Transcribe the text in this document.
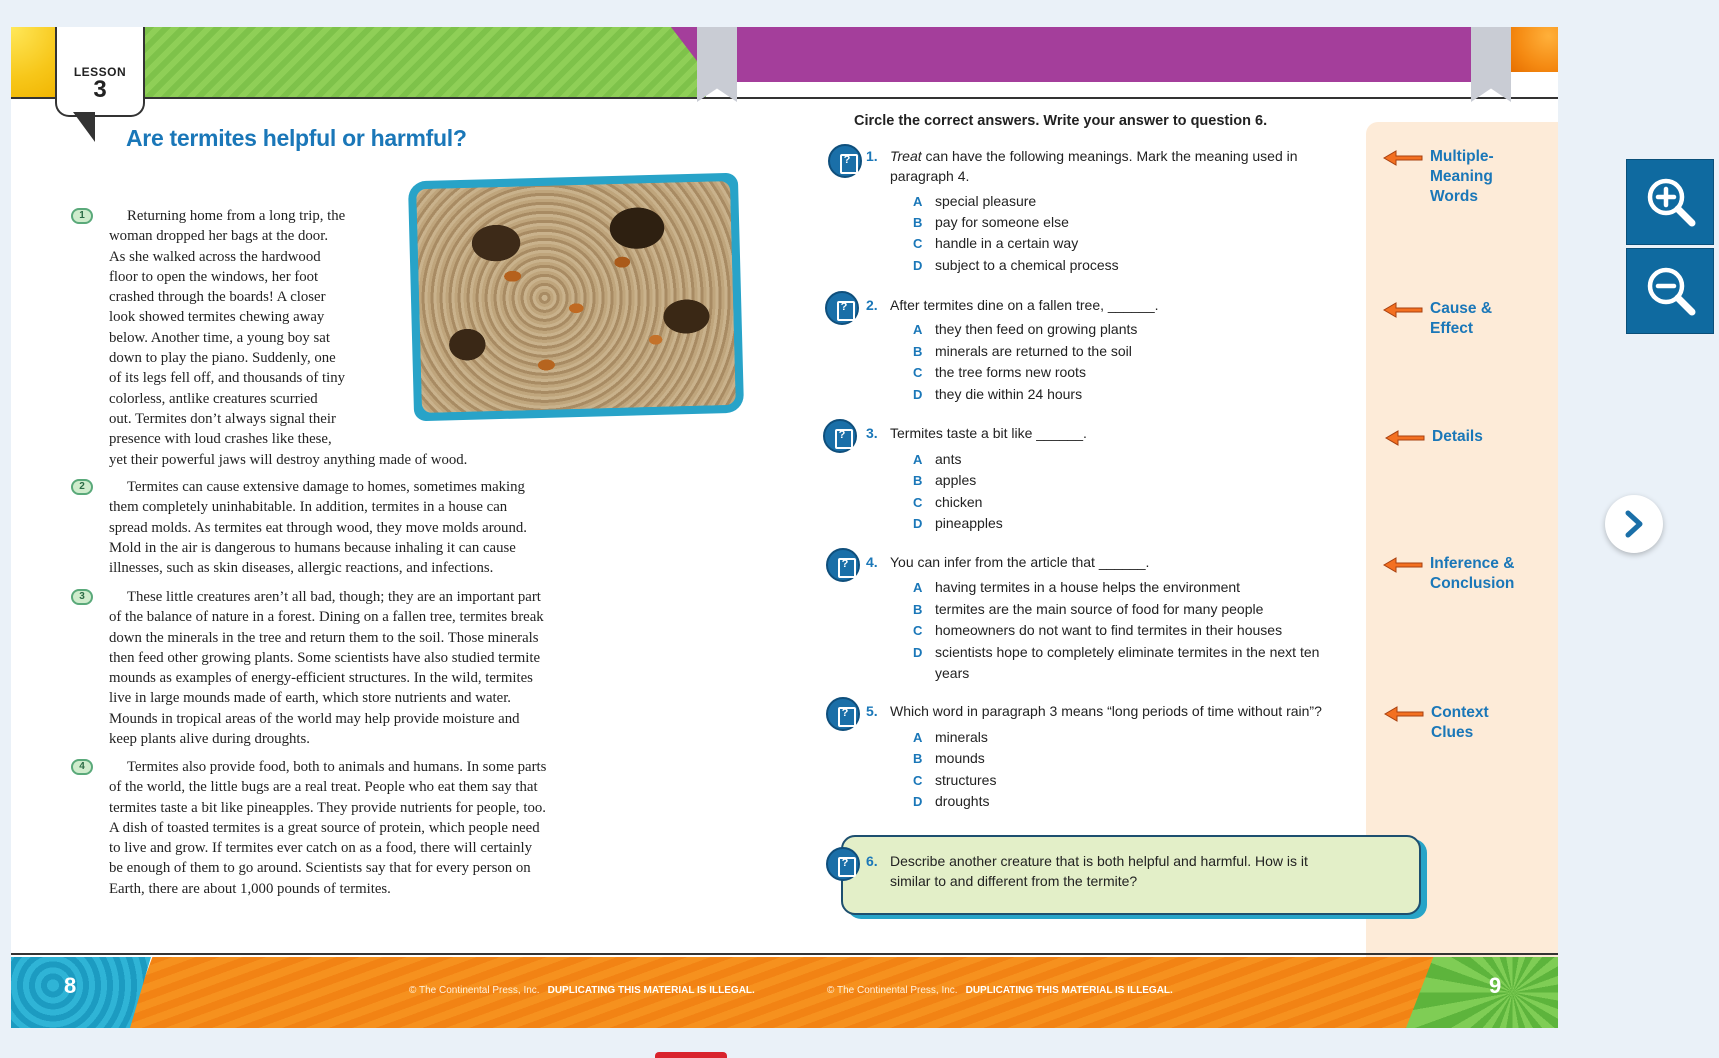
LESSON
3
Are termites helpful or harmful?
1	Returning home from a long trip, the
woman dropped her bags at the door.
As she walked across the hardwood
floor to open the windows, her foot
crashed through the boards! A closer
look showed termites chewing away
below. Another time, a young boy sat
down to play the piano. Suddenly, one
of its legs fell off, and thousands of tiny
colorless, antlike creatures scurried
out. Termites don’t always signal their
presence with loud crashes like these,
yet their powerful jaws will destroy anything made of wood.
2	Termites can cause extensive damage to homes, sometimes making
them completely uninhabitable. In addition, termites in a house can
spread molds. As termites eat through wood, they move molds around.
Mold in the air is dangerous to humans because inhaling it can cause
illnesses, such as skin diseases, allergic reactions, and infections.
3	These little creatures aren’t all bad, though; they are an important part
of the balance of nature in a forest. Dining on a fallen tree, termites break
down the minerals in the tree and return them to the soil. Those minerals
then feed other growing plants. Some scientists have also studied termite
mounds as examples of energy-efficient structures. In the wild, termites
live in large mounds made of earth, which store nutrients and water.
Mounds in tropical areas of the world may help provide moisture and
keep plants alive during droughts.
4	Termites also provide food, both to animals and humans. In some parts
of the world, the little bugs are a real treat. People who eat them say that
termites taste a bit like pineapples. They provide nutrients for people, too.
A dish of toasted termites is a great source of protein, which people need
to live and grow. If termites ever catch on as a food, there will certainly
be enough of them to go around. Scientists say that for every person on
Earth, there are about 1,000 pounds of termites.
Circle the correct answers. Write your answer to question 6.
?	1. Treat can have the following meanings. Mark the meaning used in
paragraph 4.
A special pleasure
B pay for someone else
C handle in a certain way
D subject to a chemical process
?	2. After termites dine on a fallen tree, ______.
A they then feed on growing plants
B minerals are returned to the soil
C the tree forms new roots
D they die within 24 hours
?	3. Termites taste a bit like ______.
A ants
B apples
C chicken
D pineapples
?	4. You can infer from the article that ______.
A having termites in a house helps the environment
B termites are the main source of food for many people
C homeowners do not want to find termites in their houses
D scientists hope to completely eliminate termites in the next ten
years
?	5. Which word in paragraph 3 means “long periods of time without rain”?
A minerals
B mounds
C structures
D droughts
?	6. Describe another creature that is both helpful and harmful. How is it
similar to and different from the termite?
Multiple-
Meaning
Words
Cause &
Effect
Details
Inference &
Conclusion
Context
Clues
8	9
© The Continental Press, Inc. DUPLICATING THIS MATERIAL IS ILLEGAL.	© The Continental Press, Inc. DUPLICATING THIS MATERIAL IS ILLEGAL.
